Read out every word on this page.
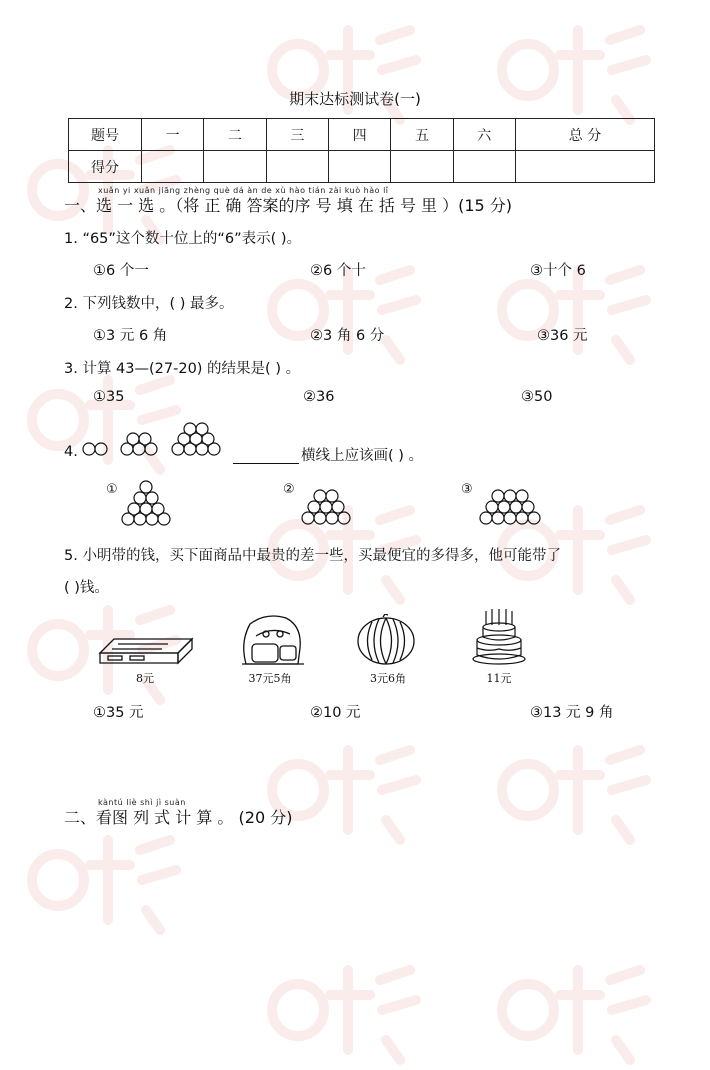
期末达标测试卷(一)
题号	一	二	三	四	五	六	总 分
得分							
xuǎn yi xuǎn jiāng zhèng què dá àn de xù hào tián zài kuò hào lǐ
一、选 一 选 。（将 正 确 答案的序 号 填 在 括 号 里 ）(15 分)
1. “65”这个数十位上的“6”表示( )。
①6 个一	②6 个十	③十个 6
2. 下列钱数中，( ) 最多。
①3 元 6 角	②3 角 6 分	③36 元
3. 计算 43—(27-20) 的结果是( ) 。
①35	②36	③50
4.	横线上应该画( ) 。
①	②	③
5. 小明带的钱，买下面商品中最贵的差一些，买最便宜的多得多，他可能带了
( )钱。
8元	37元5角	3元6角	11元
①35 元	②10 元	③13 元 9 角
kàntú liè shì jì suàn
二、看图 列 式 计 算 。 (20 分)
